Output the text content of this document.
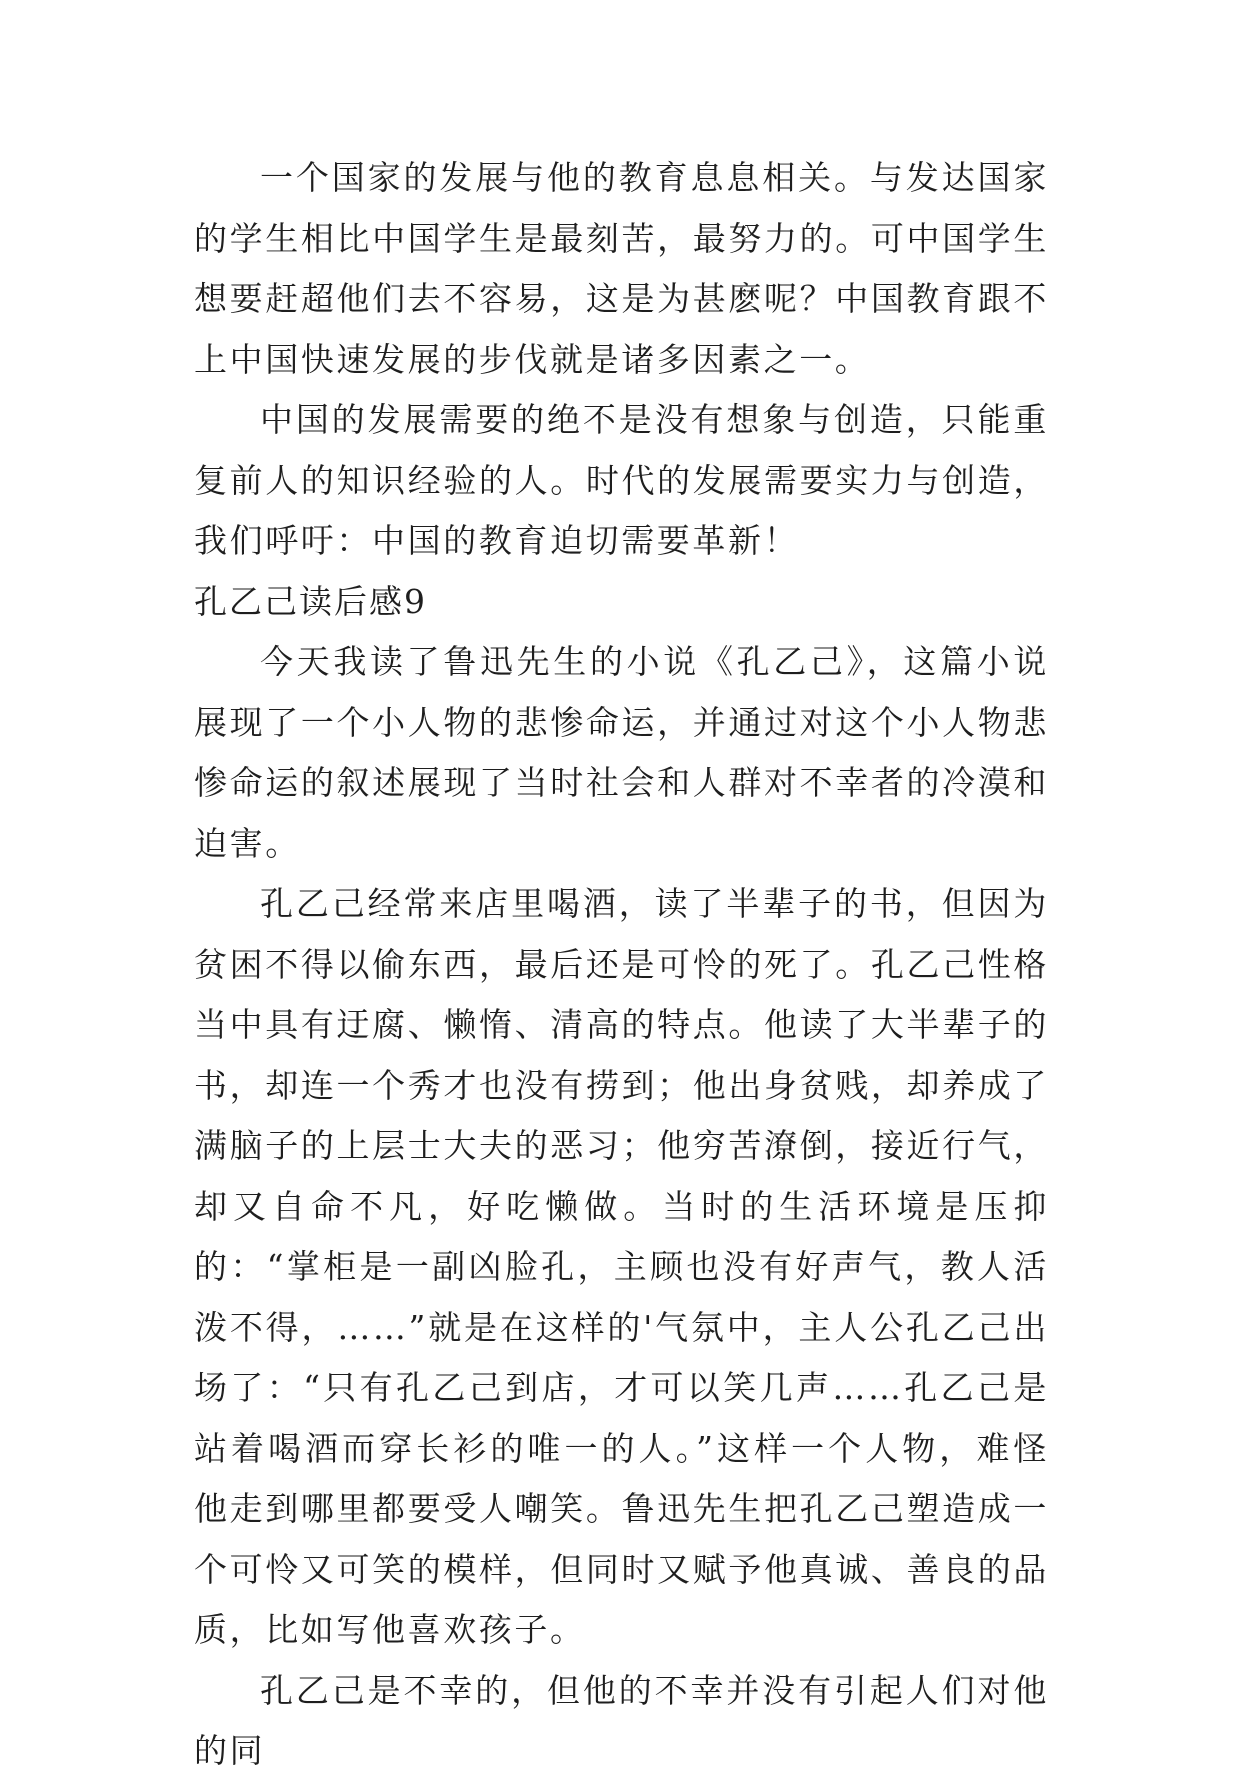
一个国家的发展与他的教育息息相关。与发达国家的学生相比中国学生是最刻苦，最努力的。可中国学生想要赶超他们去不容易，这是为甚麽呢？中国教育跟不上中国快速发展的步伐就是诸多因素之一。

中国的发展需要的绝不是没有想象与创造，只能重复前人的知识经验的人。时代的发展需要实力与创造，我们呼吁：中国的教育迫切需要革新！

孔乙己读后感9

今天我读了鲁迅先生的小说《孔乙己》，这篇小说展现了一个小人物的悲惨命运，并通过对这个小人物悲惨命运的叙述展现了当时社会和人群对不幸者的冷漠和迫害。

孔乙己经常来店里喝酒，读了半辈子的书，但因为贫困不得以偷东西，最后还是可怜的死了。孔乙己性格当中具有迂腐、懒惰、清高的特点。他读了大半辈子的书，却连一个秀才也没有捞到；他出身贫贱，却养成了满脑子的上层士大夫的恶习；他穷苦潦倒，接近行气，却又自命不凡，好吃懒做。当时的生活环境是压抑的：“掌柜是一副凶脸孔，主顾也没有好声气，教人活泼不得，……”就是在这样的'气氛中，主人公孔乙己出场了：“只有孔乙己到店，才可以笑几声……孔乙己是站着喝酒而穿长衫的唯一的人。”这样一个人物，难怪他走到哪里都要受人嘲笑。鲁迅先生把孔乙己塑造成一个可怜又可笑的模样，但同时又赋予他真诚、善良的品质，比如写他喜欢孩子。

孔乙己是不幸的，但他的不幸并没有引起人们对他的同
